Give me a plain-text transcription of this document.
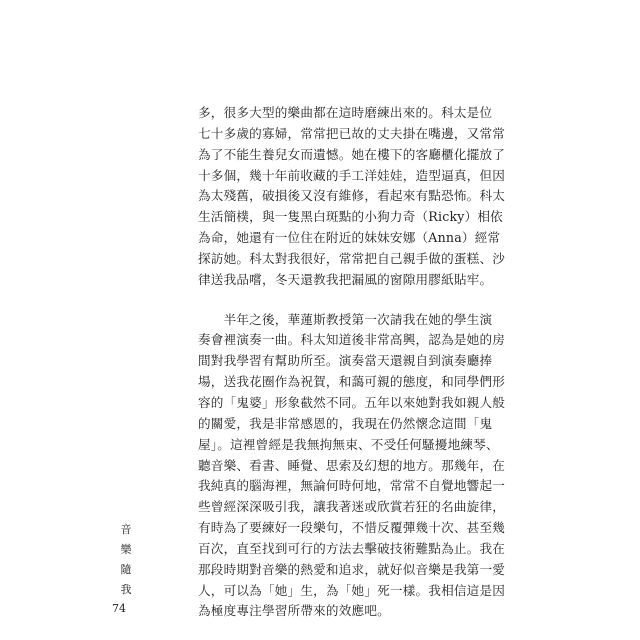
多，很多大型的樂曲都在這時磨練出來的。科太是位
七十多歲的寡婦，常常把已故的丈夫掛在嘴邊，又常常
為了不能生養兒女而遺憾。她在樓下的客廳櫃化擺放了
十多個，幾十年前收藏的手工洋娃娃，造型逼真，但因
為太殘舊，破損後又沒有維修，看起來有點恐怖。科太
生活簡樸，與一隻黑白斑點的小狗力奇（Ricky）相依
為命，她還有一位住在附近的妹妹安娜（Anna）經常
探訪她。科太對我很好，常常把自己親手做的蛋糕、沙
律送我品嚐，冬天還教我把漏風的窗隙用膠紙貼牢。
　　半年之後，華蓮斯教授第一次請我在她的學生演
奏會裡演奏一曲。科太知道後非常高興，認為是她的房
間對我學習有幫助所至。演奏當天還親自到演奏廳捧
場，送我花圈作為祝賀，和藹可親的態度，和同學們形
容的「鬼婆」形象截然不同。五年以來她對我如親人般
的關愛，我是非常感恩的，我現在仍然懷念這間「鬼
屋」。這裡曾經是我無拘無束、不受任何騷擾地練琴、
聽音樂、看書、睡覺、思索及幻想的地方。那幾年，在
我純真的腦海裡，無論何時何地，常常不自覺地響起一
些曾經深深吸引我，讓我著迷或欣賞若狂的名曲旋律，
有時為了要練好一段樂句，不惜反覆彈幾十次、甚至幾
百次，直至找到可行的方法去擊破技術難點為止。我在
那段時期對音樂的熱愛和追求，就好似音樂是我第一愛
人，可以為「她」生，為「她」死一樣。我相信這是因
為極度專注學習所帶來的效應吧。
音
樂
隨
我
74
